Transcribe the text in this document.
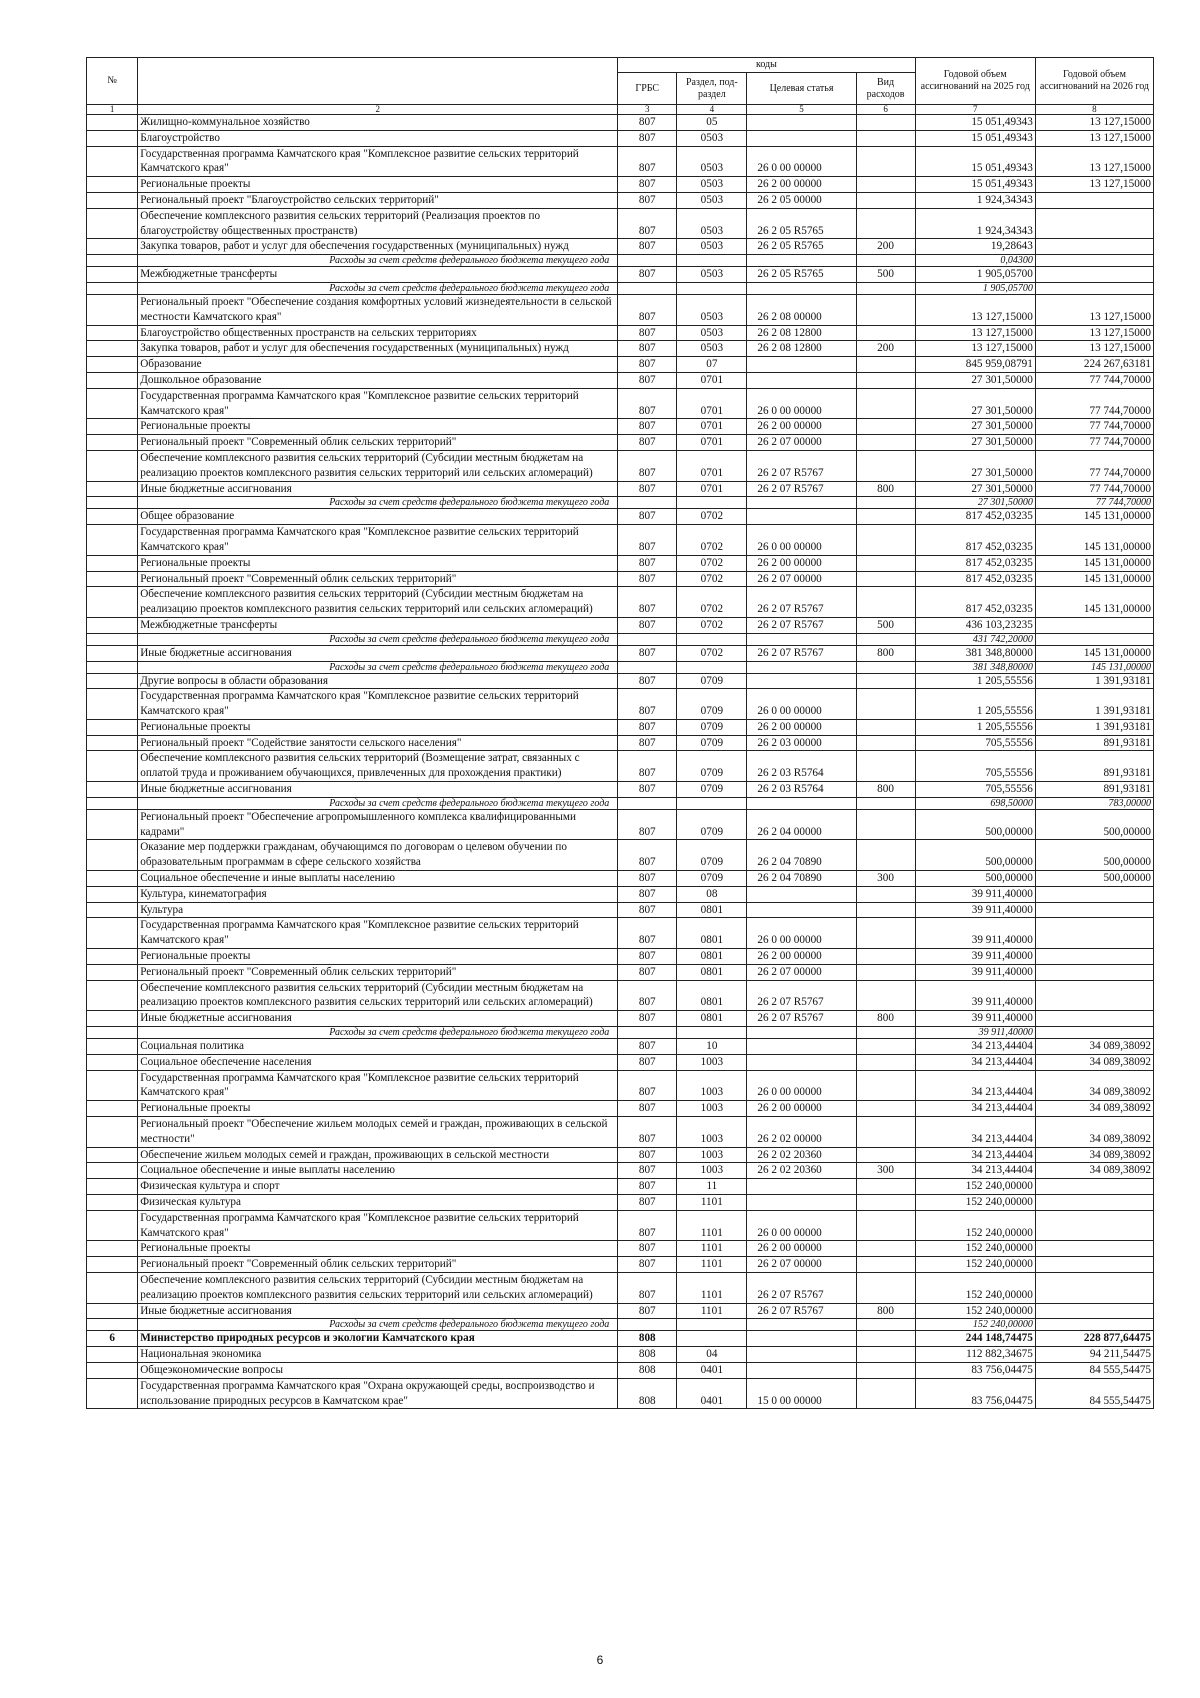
№		коды				Годовой объем ассигнований на 2025 год	Годовой объем ассигнований на 2026 год
		ГРБС	Раздел, под-раздел	Целевая статья	Вид расходов		
1	2	3	4	5	6	7	8
	Жилищно-коммунальное хозяйство	807	05			15 051,49343	13 127,15000
	Благоустройство	807	0503			15 051,49343	13 127,15000
	Государственная программа Камчатского края "Комплексное развитие сельских территорий Камчатского края"	807	0503	26 0 00 00000		15 051,49343	13 127,15000
	Региональные проекты	807	0503	26 2 00 00000		15 051,49343	13 127,15000
	Региональный проект "Благоустройство сельских территорий"	807	0503	26 2 05 00000		1 924,34343	
	Обеспечение комплексного развития сельских территорий (Реализация проектов по благоустройству общественных пространств)	807	0503	26 2 05 R5765		1 924,34343	
	Закупка товаров, работ и услуг для обеспечения государственных (муниципальных) нужд	807	0503	26 2 05 R5765	200	19,28643	
	Расходы за счет средств федерального бюджета текущего года					0,04300	
	Межбюджетные трансферты	807	0503	26 2 05 R5765	500	1 905,05700	
	Расходы за счет средств федерального бюджета текущего года					1 905,05700	
	Региональный проект "Обеспечение создания комфортных условий жизнедеятельности в сельской местности Камчатского края"	807	0503	26 2 08 00000		13 127,15000	13 127,15000
	Благоустройство общественных пространств на сельских территориях	807	0503	26 2 08 12800		13 127,15000	13 127,15000
	Закупка товаров, работ и услуг для обеспечения государственных (муниципальных) нужд	807	0503	26 2 08 12800	200	13 127,15000	13 127,15000
	Образование	807	07			845 959,08791	224 267,63181
	Дошкольное образование	807	0701			27 301,50000	77 744,70000
	Государственная программа Камчатского края "Комплексное развитие сельских территорий Камчатского края"	807	0701	26 0 00 00000		27 301,50000	77 744,70000
	Региональные проекты	807	0701	26 2 00 00000		27 301,50000	77 744,70000
	Региональный проект "Современный облик сельских территорий"	807	0701	26 2 07 00000		27 301,50000	77 744,70000
	Обеспечение комплексного развития сельских территорий (Субсидии местным бюджетам на реализацию проектов комплексного развития сельских территорий или сельских агломераций)	807	0701	26 2 07 R5767		27 301,50000	77 744,70000
	Иные бюджетные ассигнования	807	0701	26 2 07 R5767	800	27 301,50000	77 744,70000
	Расходы за счет средств федерального бюджета текущего года					27 301,50000	77 744,70000
	Общее образование	807	0702			817 452,03235	145 131,00000
	Государственная программа Камчатского края "Комплексное развитие сельских территорий Камчатского края"	807	0702	26 0 00 00000		817 452,03235	145 131,00000
	Региональные проекты	807	0702	26 2 00 00000		817 452,03235	145 131,00000
	Региональный проект "Современный облик сельских территорий"	807	0702	26 2 07 00000		817 452,03235	145 131,00000
	Обеспечение комплексного развития сельских территорий (Субсидии местным бюджетам на реализацию проектов комплексного развития сельских территорий или сельских агломераций)	807	0702	26 2 07 R5767		817 452,03235	145 131,00000
	Межбюджетные трансферты	807	0702	26 2 07 R5767	500	436 103,23235	
	Расходы за счет средств федерального бюджета текущего года					431 742,20000	
	Иные бюджетные ассигнования	807	0702	26 2 07 R5767	800	381 348,80000	145 131,00000
	Расходы за счет средств федерального бюджета текущего года					381 348,80000	145 131,00000
	Другие вопросы в области образования	807	0709			1 205,55556	1 391,93181
	Государственная программа Камчатского края "Комплексное развитие сельских территорий Камчатского края"	807	0709	26 0 00 00000		1 205,55556	1 391,93181
	Региональные проекты	807	0709	26 2 00 00000		1 205,55556	1 391,93181
	Региональный проект "Содействие занятости сельского населения"	807	0709	26 2 03 00000		705,55556	891,93181
	Обеспечение комплексного развития сельских территорий (Возмещение затрат, связанных с оплатой труда и проживанием обучающихся, привлеченных для прохождения практики)	807	0709	26 2 03 R5764		705,55556	891,93181
	Иные бюджетные ассигнования	807	0709	26 2 03 R5764	800	705,55556	891,93181
	Расходы за счет средств федерального бюджета текущего года					698,50000	783,00000
	Региональный проект "Обеспечение агропромышленного комплекса квалифицированными кадрами"	807	0709	26 2 04 00000		500,00000	500,00000
	Оказание мер поддержки гражданам, обучающимся по договорам о целевом обучении по образовательным программам в сфере сельского хозяйства	807	0709	26 2 04 70890		500,00000	500,00000
	Социальное обеспечение и иные выплаты населению	807	0709	26 2 04 70890	300	500,00000	500,00000
	Культура, кинематография	807	08			39 911,40000	
	Культура	807	0801			39 911,40000	
	Государственная программа Камчатского края "Комплексное развитие сельских территорий Камчатского края"	807	0801	26 0 00 00000		39 911,40000	
	Региональные проекты	807	0801	26 2 00 00000		39 911,40000	
	Региональный проект "Современный облик сельских территорий"	807	0801	26 2 07 00000		39 911,40000	
	Обеспечение комплексного развития сельских территорий (Субсидии местным бюджетам на реализацию проектов комплексного развития сельских территорий или сельских агломераций)	807	0801	26 2 07 R5767		39 911,40000	
	Иные бюджетные ассигнования	807	0801	26 2 07 R5767	800	39 911,40000	
	Расходы за счет средств федерального бюджета текущего года					39 911,40000	
	Социальная политика	807	10			34 213,44404	34 089,38092
	Социальное обеспечение населения	807	1003			34 213,44404	34 089,38092
	Государственная программа Камчатского края "Комплексное развитие сельских территорий Камчатского края"	807	1003	26 0 00 00000		34 213,44404	34 089,38092
	Региональные проекты	807	1003	26 2 00 00000		34 213,44404	34 089,38092
	Региональный проект "Обеспечение жильем молодых семей и граждан, проживающих в сельской местности"	807	1003	26 2 02 00000		34 213,44404	34 089,38092
	Обеспечение жильем молодых семей и граждан, проживающих в сельской местности	807	1003	26 2 02 20360		34 213,44404	34 089,38092
	Социальное обеспечение и иные выплаты населению	807	1003	26 2 02 20360	300	34 213,44404	34 089,38092
	Физическая культура и спорт	807	11			152 240,00000	
	Физическая культура	807	1101			152 240,00000	
	Государственная программа Камчатского края "Комплексное развитие сельских территорий Камчатского края"	807	1101	26 0 00 00000		152 240,00000	
	Региональные проекты	807	1101	26 2 00 00000		152 240,00000	
	Региональный проект "Современный облик сельских территорий"	807	1101	26 2 07 00000		152 240,00000	
	Обеспечение комплексного развития сельских территорий (Субсидии местным бюджетам на реализацию проектов комплексного развития сельских территорий или сельских агломераций)	807	1101	26 2 07 R5767		152 240,00000	
	Иные бюджетные ассигнования	807	1101	26 2 07 R5767	800	152 240,00000	
	Расходы за счет средств федерального бюджета текущего года					152 240,00000	
6	Министерство природных ресурсов и экологии Камчатского края	808				244 148,74475	228 877,64475
	Национальная экономика	808	04			112 882,34675	94 211,54475
	Общеэкономические вопросы	808	0401			83 756,04475	84 555,54475
	Государственная программа Камчатского края "Охрана окружающей среды, воспроизводство и использование природных ресурсов в Камчатском крае"	808	0401	15 0 00 00000		83 756,04475	84 555,54475
6
